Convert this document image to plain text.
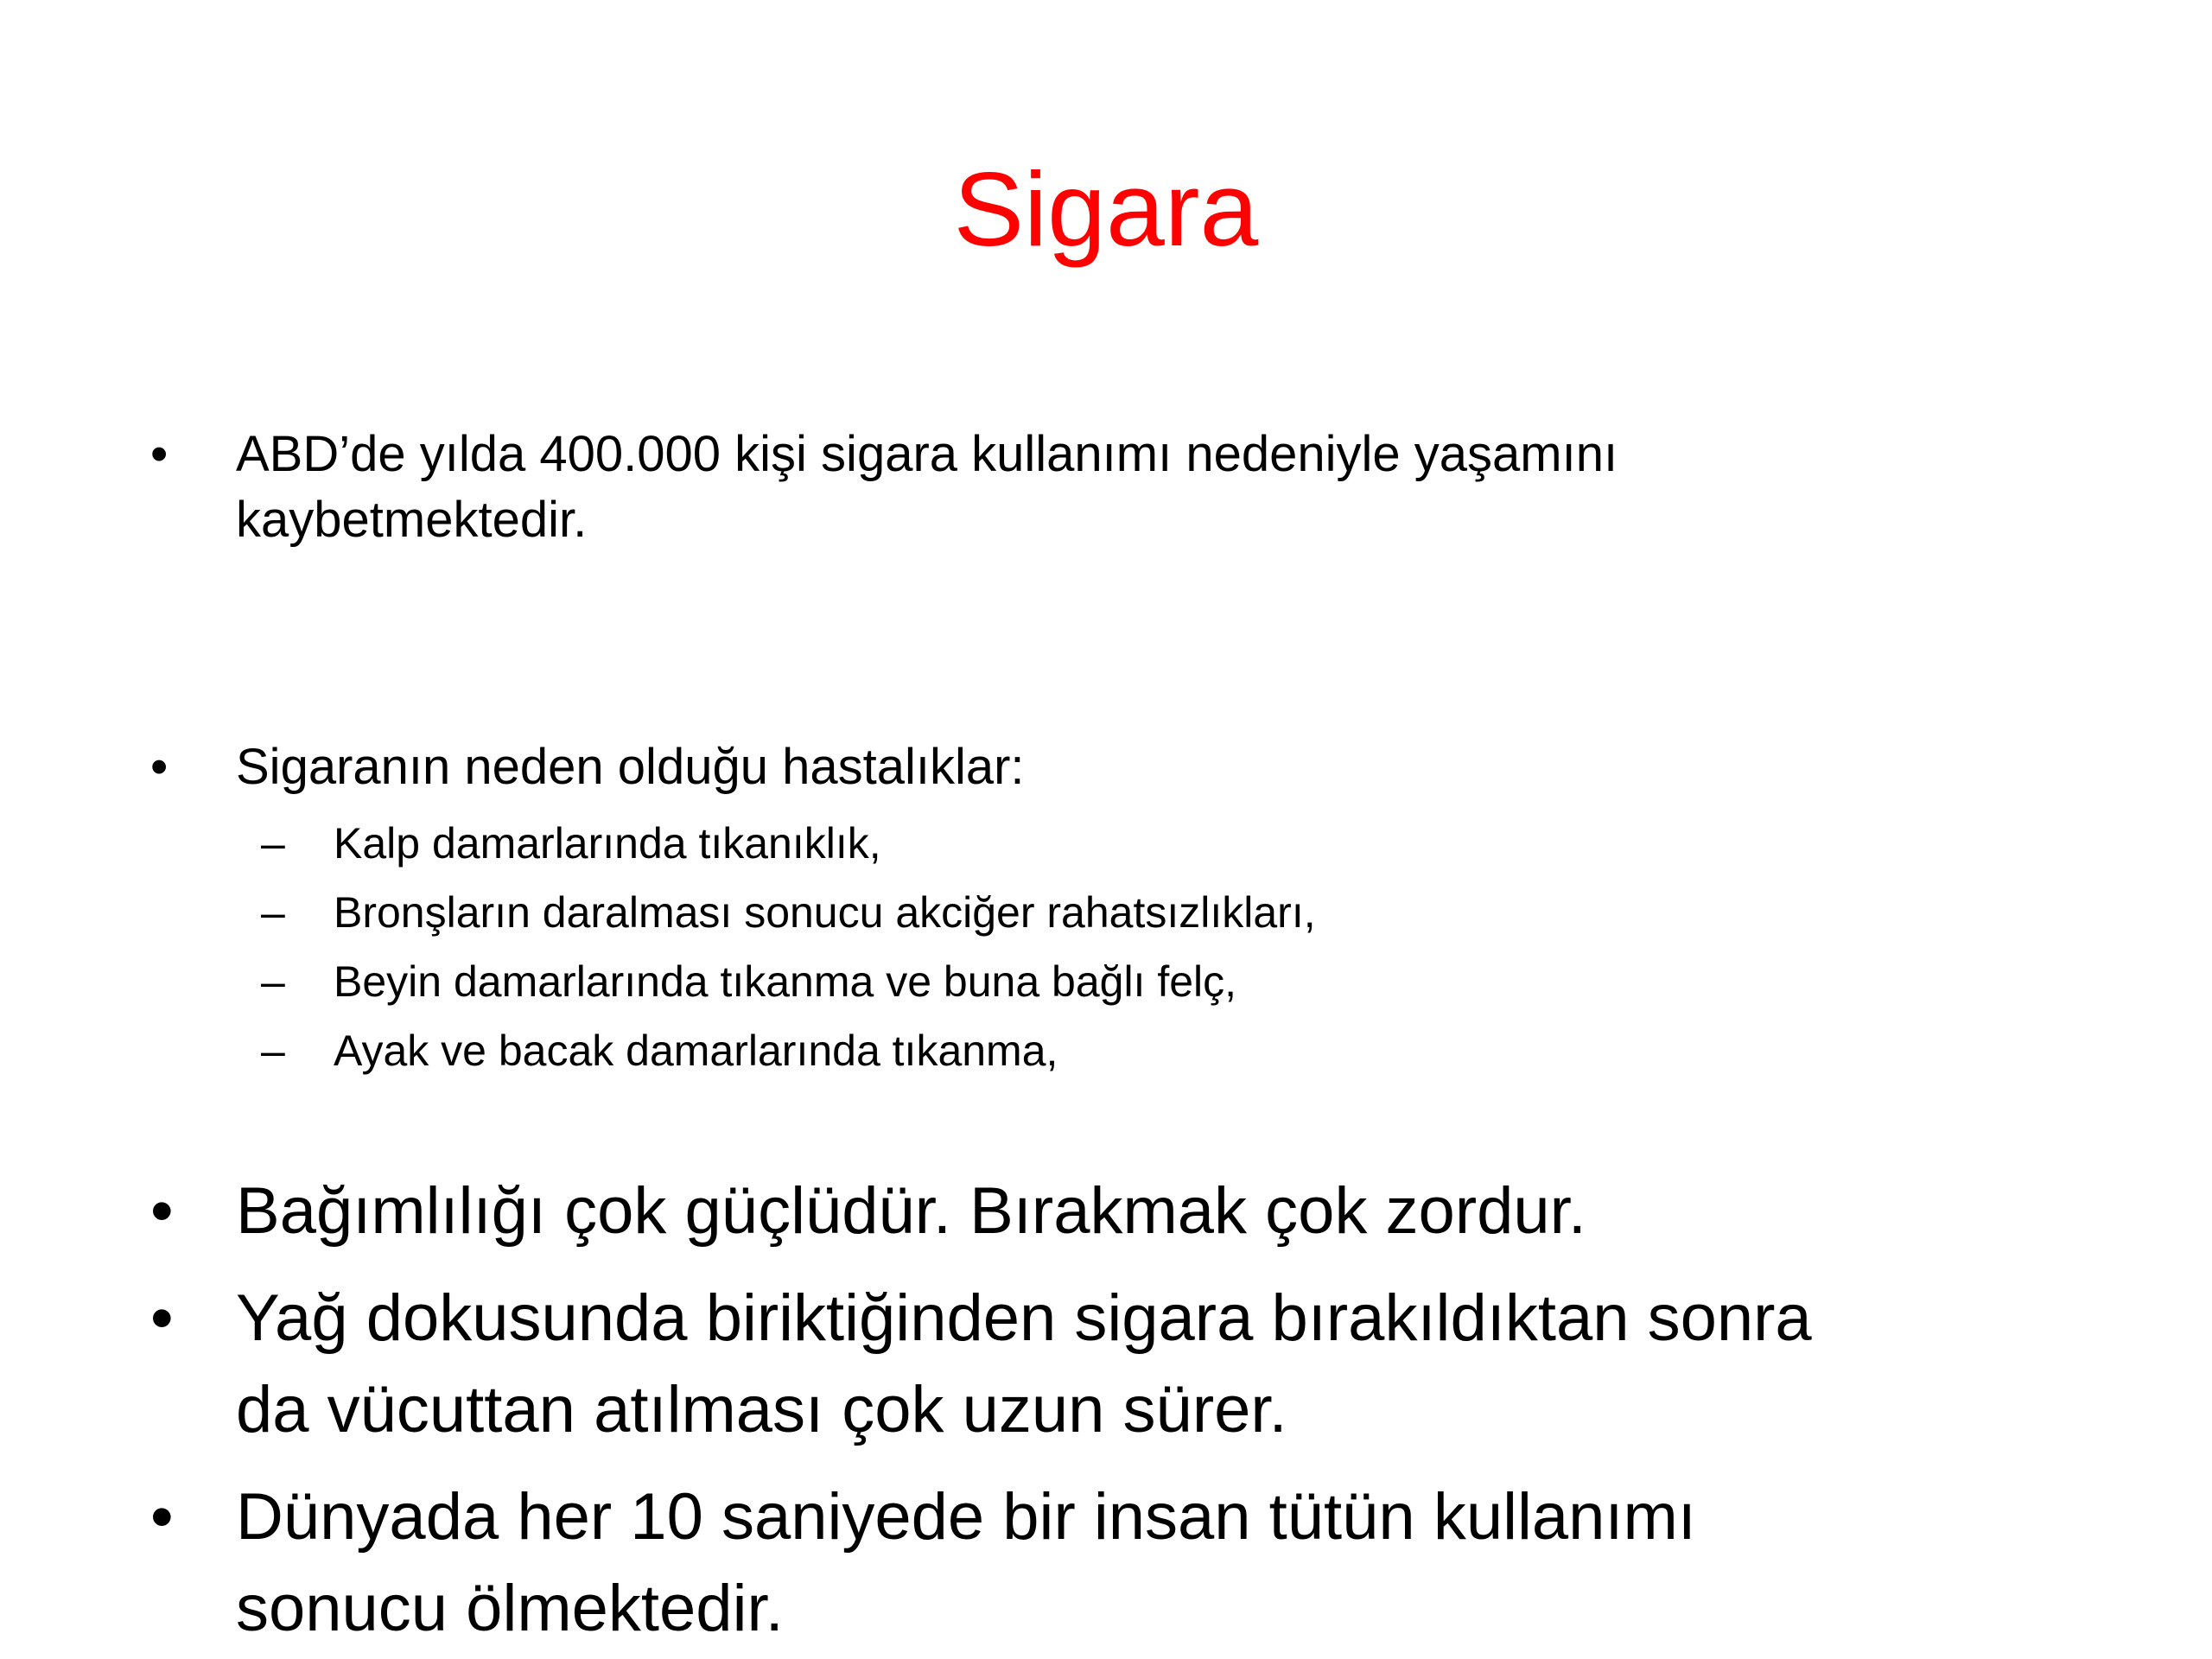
Sigara
• ABD’de yılda 400.000 kişi sigara kullanımı nedeniyle yaşamını
kaybetmektedir.
• Sigaranın neden olduğu hastalıklar:
– Kalp damarlarında tıkanıklık,
– Bronşların daralması sonucu akciğer rahatsızlıkları,
– Beyin damarlarında tıkanma ve buna bağlı felç,
– Ayak ve bacak damarlarında tıkanma,
• Bağımlılığı çok güçlüdür. Bırakmak çok zordur.
• Yağ dokusunda biriktiğinden sigara bırakıldıktan sonra
da vücuttan atılması çok uzun sürer.
• Dünyada her 10 saniyede bir insan tütün kullanımı
sonucu ölmektedir.
